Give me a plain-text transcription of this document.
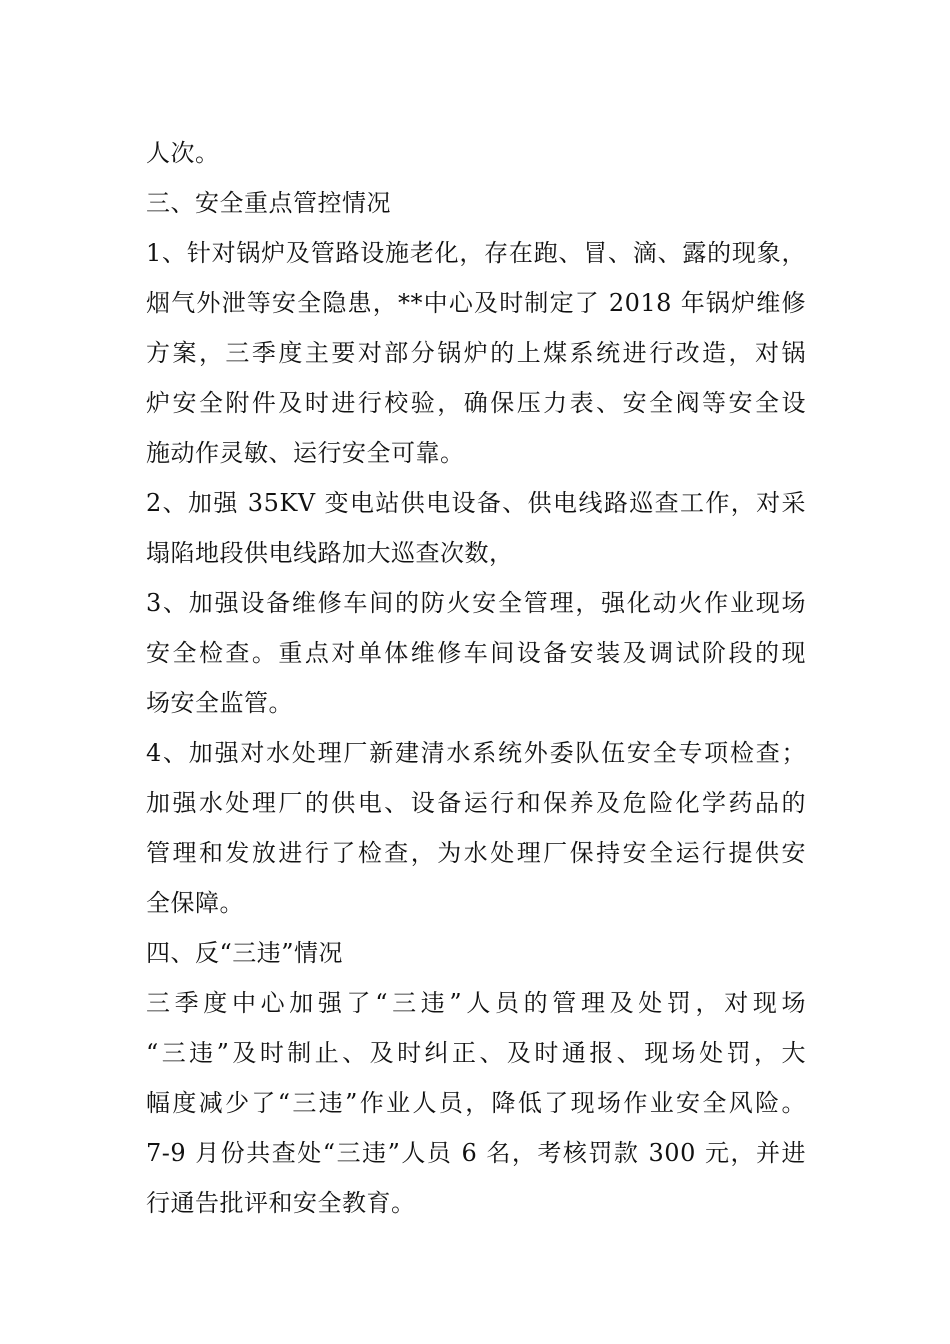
人次。
三、安全重点管控情况
1、针对锅炉及管路设施老化，存在跑、冒、滴、露的现象，
烟气外泄等安全隐患，**中心及时制定了 2018 年锅炉维修
方案，三季度主要对部分锅炉的上煤系统进行改造，对锅
炉安全附件及时进行校验，确保压力表、安全阀等安全设
施动作灵敏、运行安全可靠。
2、加强 35KV 变电站供电设备、供电线路巡查工作，对采
塌陷地段供电线路加大巡查次数，
3、加强设备维修车间的防火安全管理，强化动火作业现场
安全检查。重点对单体维修车间设备安装及调试阶段的现
场安全监管。
4、加强对水处理厂新建清水系统外委队伍安全专项检查；
加强水处理厂的供电、设备运行和保养及危险化学药品的
管理和发放进行了检查，为水处理厂保持安全运行提供安
全保障。
四、反“三违”情况
三季度中心加强了“三违”人员的管理及处罚，对现场
“三违”及时制止、及时纠正、及时通报、现场处罚，大
幅度减少了“三违”作业人员，降低了现场作业安全风险。
7-9 月份共查处“三违”人员 6 名，考核罚款 300 元，并进
行通告批评和安全教育。
